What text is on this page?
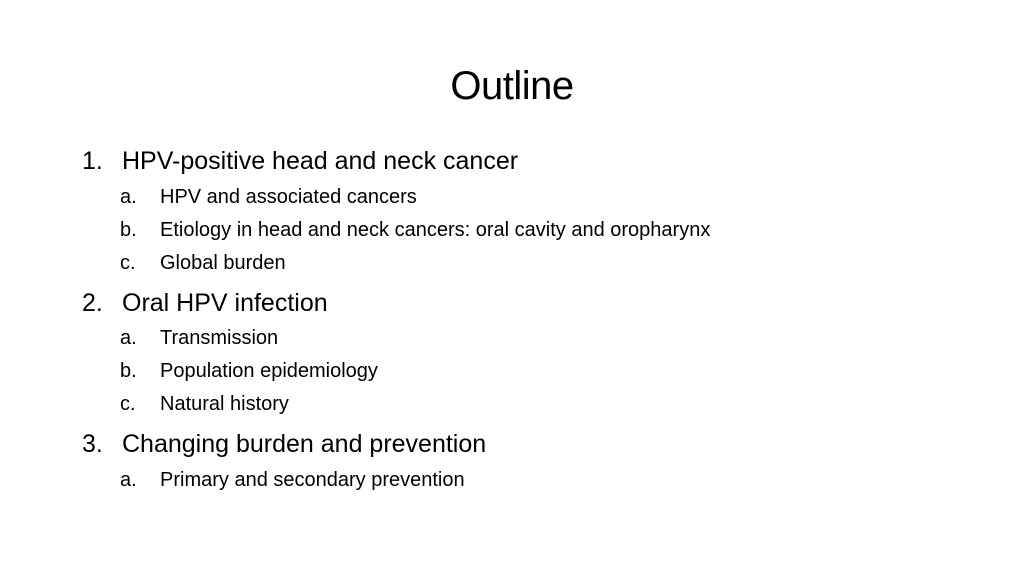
Outline
1. HPV-positive head and neck cancer
a. HPV and associated cancers
b. Etiology in head and neck cancers: oral cavity and oropharynx
c. Global burden
2. Oral HPV infection
a. Transmission
b. Population epidemiology
c. Natural history
3. Changing burden and prevention
a. Primary and secondary prevention
